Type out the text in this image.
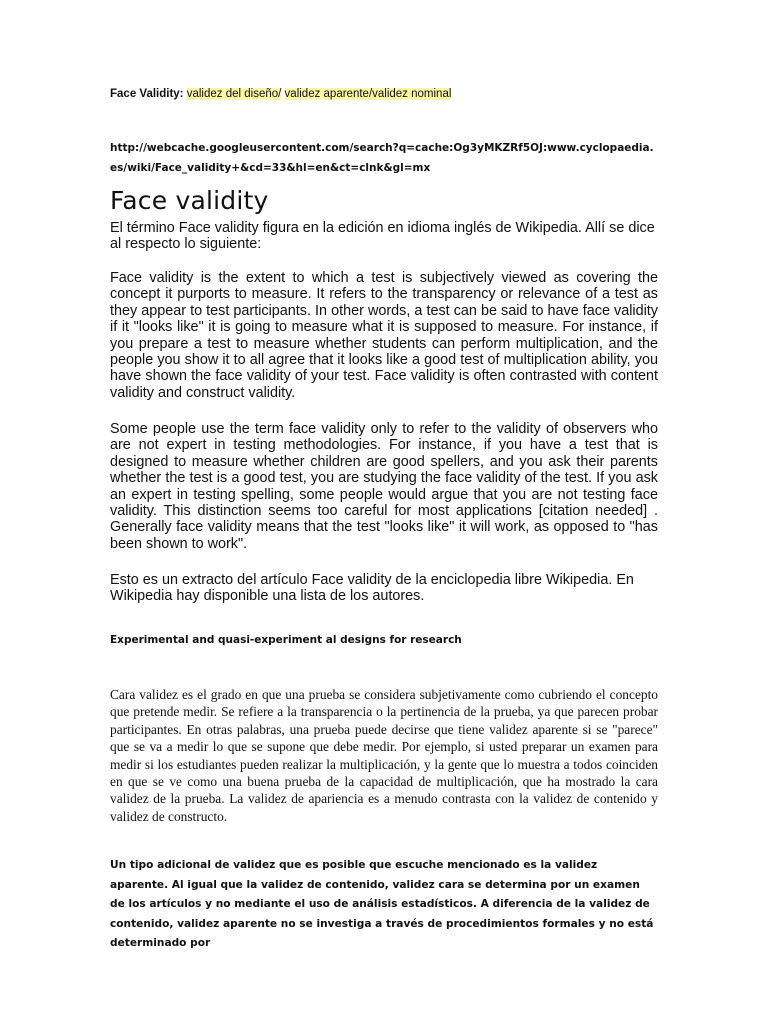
Face Validity: validez del diseño/ validez aparente/validez nominal
http://webcache.googleusercontent.com/search?q=cache:Og3yMKZRf5OJ:www.cyclopaedia.es/wiki/Face_validity+&cd=33&hl=en&ct=clnk&gl=mx
Face validity

El término Face validity figura en la edición en idioma inglés de Wikipedia. Allí se dice al respecto lo siguiente:

Face validity is the extent to which a test is subjectively viewed as covering the concept it purports to measure. It refers to the transparency or relevance of a test as they appear to test participants. In other words, a test can be said to have face validity if it "looks like" it is going to measure what it is supposed to measure. For instance, if you prepare a test to measure whether students can perform multiplication, and the people you show it to all agree that it looks like a good test of multiplication ability, you have shown the face validity of your test. Face validity is often contrasted with content validity and construct validity.

Some people use the term face validity only to refer to the validity of observers who are not expert in testing methodologies. For instance, if you have a test that is designed to measure whether children are good spellers, and you ask their parents whether the test is a good test, you are studying the face validity of the test. If you ask an expert in testing spelling, some people would argue that you are not testing face validity. This distinction seems too careful for most applications [citation needed] . Generally face validity means that the test "looks like" it will work, as opposed to "has been shown to work".

Esto es un extracto del artículo Face validity de la enciclopedia libre Wikipedia. En Wikipedia hay disponible una lista de los autores.

Experimental and quasi-experiment al designs for research

Cara validez es el grado en que una prueba se considera subjetivamente como cubriendo el concepto que pretende medir. Se refiere a la transparencia o la pertinencia de la prueba, ya que parecen probar participantes. En otras palabras, una prueba puede decirse que tiene validez aparente si se "parece" que se va a medir lo que se supone que debe medir. Por ejemplo, si usted preparar un examen para medir si los estudiantes pueden realizar la multiplicación, y la gente que lo muestra a todos coinciden en que se ve como una buena prueba de la capacidad de multiplicación, que ha mostrado la cara validez de la prueba. La validez de apariencia es a menudo contrasta con la validez de contenido y validez de constructo.

Un tipo adicional de validez que es posible que escuche mencionado es la validez aparente. Al igual que la validez de contenido, validez cara se determina por un examen de los artículos y no mediante el uso de análisis estadísticos. A diferencia de la validez de contenido, validez aparente no se investiga a través de procedimientos formales y no está determinado por
